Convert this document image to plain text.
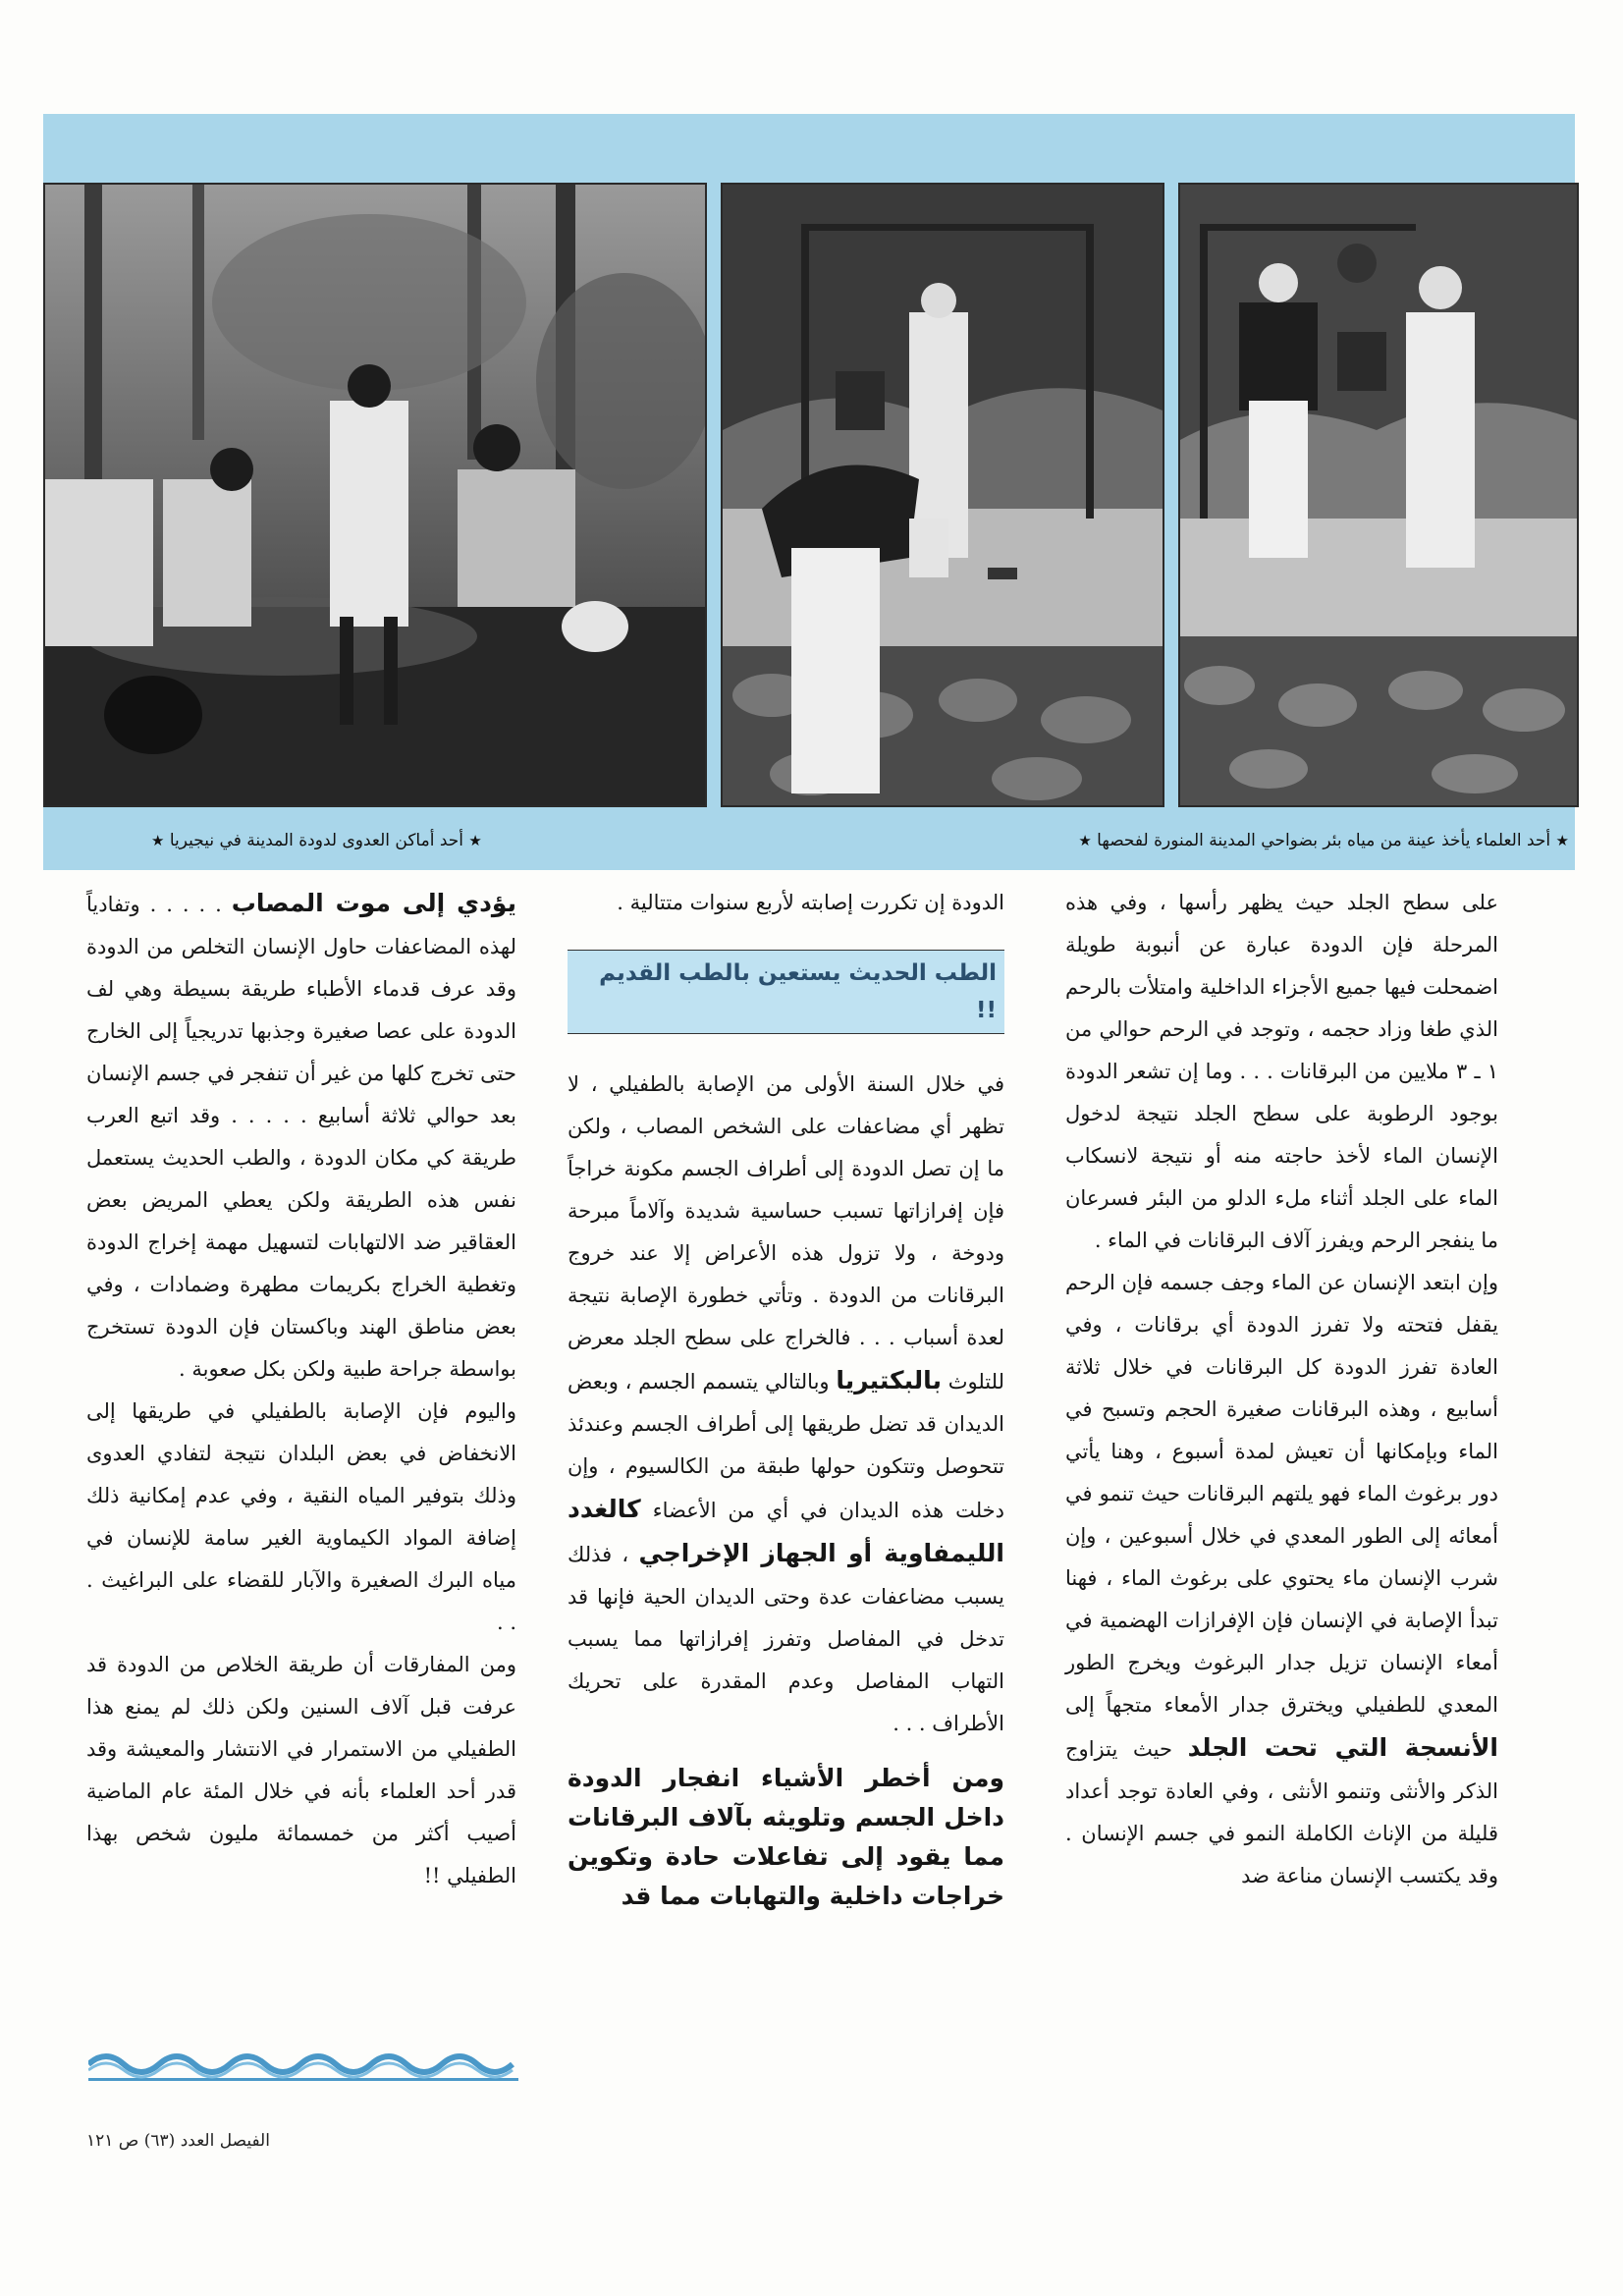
★ أحد العلماء يأخذ عينة من مياه بئر بضواحي المدينة المنورة لفحصها ★
★ أحد أماكن العدوى لدودة المدينة في نيجيريا ★

على سطح الجلد حيث يظهر رأسها ، وفي هذه المرحلة فإن الدودة عبارة عن أنبوبة طويلة اضمحلت فيها جميع الأجزاء الداخلية وامتلأت بالرحم الذي طغا وزاد حجمه ، وتوجد في الرحم حوالي من ١ ـ ٣ ملايين من البرقانات . . . وما إن تشعر الدودة بوجود الرطوبة على سطح الجلد نتيجة لدخول الإنسان الماء لأخذ حاجته منه أو نتيجة لانسكاب الماء على الجلد أثناء ملء الدلو من البئر فسرعان ما ينفجر الرحم ويفرز آلاف البرقانات في الماء .

وإن ابتعد الإنسان عن الماء وجف جسمه فإن الرحم يقفل فتحته ولا تفرز الدودة أي برقانات ، وفي العادة تفرز الدودة كل البرقانات في خلال ثلاثة أسابيع ، وهذه البرقانات صغيرة الحجم وتسبح في الماء وبإمكانها أن تعيش لمدة أسبوع ، وهنا يأتي دور برغوث الماء فهو يلتهم البرقانات حيث تنمو في أمعائه إلى الطور المعدي في خلال أسبوعين ، وإن شرب الإنسان ماء يحتوي على برغوث الماء ، فهنا تبدأ الإصابة في الإنسان فإن الإفرازات الهضمية في أمعاء الإنسان تزيل جدار البرغوث ويخرج الطور المعدي للطفيلي ويخترق جدار الأمعاء متجهاً إلى الأنسجة التي تحت الجلد حيث يتزاوج الذكر والأنثى وتنمو الأنثى ، وفي العادة توجد أعداد قليلة من الإناث الكاملة النمو في جسم الإنسان . وقد يكتسب الإنسان مناعة ضد

الدودة إن تكررت إصابته لأربع سنوات متتالية .

الطب الحديث يستعين بالطب القديم !!

في خلال السنة الأولى من الإصابة بالطفيلي ، لا تظهر أي مضاعفات على الشخص المصاب ، ولكن ما إن تصل الدودة إلى أطراف الجسم مكونة خراجاً فإن إفرازاتها تسبب حساسية شديدة وآلاماً مبرحة ودوخة ، ولا تزول هذه الأعراض إلا عند خروج البرقانات من الدودة . وتأتي خطورة الإصابة نتيجة لعدة أسباب . . . فالخراج على سطح الجلد معرض للتلوث بالبكتيريا وبالتالي يتسمم الجسم ، وبعض الديدان قد تضل طريقها إلى أطراف الجسم وعندئذ تتحوصل وتتكون حولها طبقة من الكالسيوم ، وإن دخلت هذه الديدان في أي من الأعضاء كالغدد الليمفاوية أو الجهاز الإخراجي ، فذلك يسبب مضاعفات عدة وحتى الديدان الحية فإنها قد تدخل في المفاصل وتفرز إفرازاتها مما يسبب التهاب المفاصل وعدم المقدرة على تحريك الأطراف . . .

ومن أخطر الأشياء انفجار الدودة داخل الجسم وتلويثه بآلاف البرقانات مما يقود إلى تفاعلات حادة وتكوين خراجات داخلية والتهابات مما قد

يؤدي إلى موت المصاب . . . . . وتفادياً لهذه المضاعفات حاول الإنسان التخلص من الدودة وقد عرف قدماء الأطباء طريقة بسيطة وهي لف الدودة على عصا صغيرة وجذبها تدريجياً إلى الخارج حتى تخرج كلها من غير أن تنفجر في جسم الإنسان بعد حوالي ثلاثة أسابيع . . . . . وقد اتبع العرب طريقة كي مكان الدودة ، والطب الحديث يستعمل نفس هذه الطريقة ولكن يعطي المريض بعض العقاقير ضد الالتهابات لتسهيل مهمة إخراج الدودة وتغطية الخراج بكريمات مطهرة وضمادات ، وفي بعض مناطق الهند وباكستان فإن الدودة تستخرج بواسطة جراحة طبية ولكن بكل صعوبة .

واليوم فإن الإصابة بالطفيلي في طريقها إلى الانخفاض في بعض البلدان نتيجة لتفادي العدوى وذلك بتوفير المياه النقية ، وفي عدم إمكانية ذلك إضافة المواد الكيماوية الغير سامة للإنسان في مياه البرك الصغيرة والآبار للقضاء على البراغيث . . .

ومن المفارقات أن طريقة الخلاص من الدودة قد عرفت قبل آلاف السنين ولكن ذلك لم يمنع هذا الطفيلي من الاستمرار في الانتشار والمعيشة وقد قدر أحد العلماء بأنه في خلال المئة عام الماضية أصيب أكثر من خمسمائة مليون شخص بهذا الطفيلي !!

الفيصل العدد (٦٣) ص ١٢١
